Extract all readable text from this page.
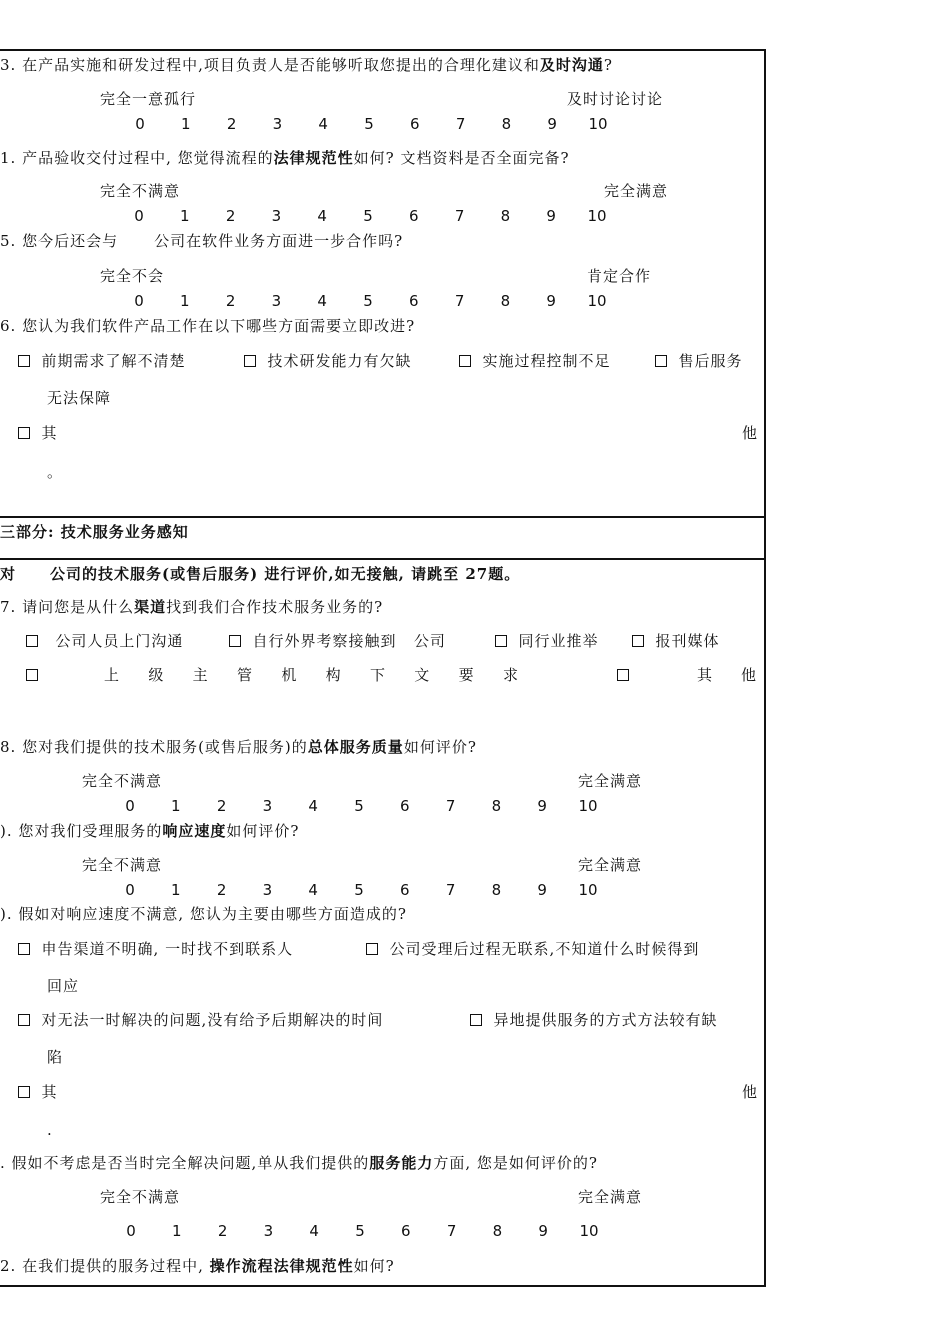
3. 在产品实施和研发过程中,项目负责人是否能够听取您提出的合理化建议和及时沟通?
完全一意孤行	及时讨论讨论
0	1	2	3	4	5	6	7	8	9	10
1. 产品验收交付过程中, 您觉得流程的法律规范性如何? 文档资料是否全面完备?
完全不满意	完全满意
0	1	2	3	4	5	6	7	8	9	10
5. 您今后还会与 公司在软件业务方面进一步合作吗?
完全不会	肯定合作
0	1	2	3	4	5	6	7	8	9	10
6. 您认为我们软件产品工作在以下哪些方面需要立即改进?
前期需求了解不清楚	技术研发能力有欠缺	实施过程控制不足	售后服务
无法保障
其	他
。
三部分: 技术服务业务感知
对 公司的技术服务(或售后服务) 进行评价,如无接触, 请跳至 27题。
7. 请问您是从什么渠道找到我们合作技术服务业务的?
公司人员上门沟通	自行外界考察接触到 公司	同行业推举	报刊媒体
上 级 主 管 机 构 下 文 要 求	其 他
8. 您对我们提供的技术服务(或售后服务)的总体服务质量如何评价?
完全不满意	完全满意
0	1	2	3	4	5	6	7	8	9	10
). 您对我们受理服务的响应速度如何评价?
完全不满意	完全满意
0	1	2	3	4	5	6	7	8	9	10
). 假如对响应速度不满意, 您认为主要由哪些方面造成的?
申告渠道不明确, 一时找不到联系人	公司受理后过程无联系,不知道什么时候得到
回应
对无法一时解决的问题,没有给予后期解决的时间	异地提供服务的方式方法较有缺
陷
其	他
.
. 假如不考虑是否当时完全解决问题,单从我们提供的服务能力方面, 您是如何评价的?
完全不满意	完全满意
0	1	2	3	4	5	6	7	8	9	10
2. 在我们提供的服务过程中, 操作流程法律规范性如何?
